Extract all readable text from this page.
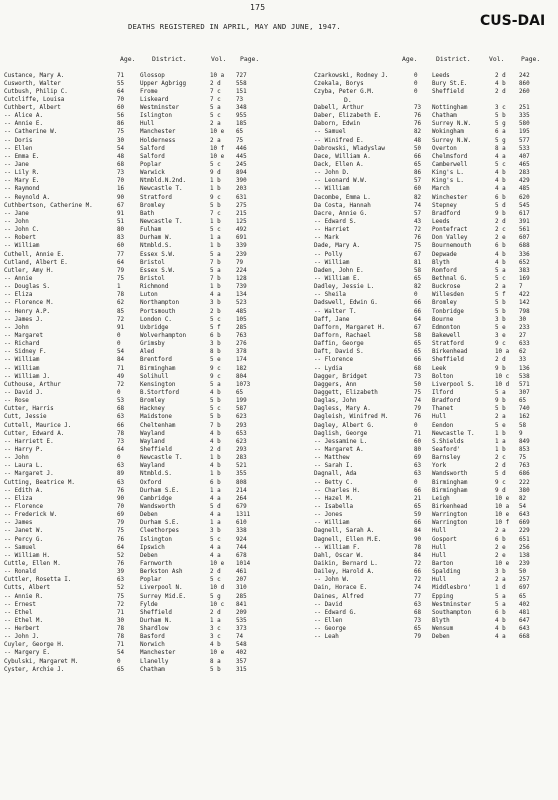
175
CUS-DAI
DEATHS REGISTERED IN APRIL, MAY AND JUNE, 1947.
Age.	District.	Vol. Page.	Age.	District.	Vol.	Page.
Custance, Mary A.	71	Glossop	10 a	727
Cusworth, Walter	55	Upper Agbrigg	2 d	558
Cutbush, Philip C.	64	Frome	7 c	151
Cutcliffe, Louisa	70	Liskeard	7 c	73
Cuthbert, Albert	60	Westminster	5 a	348
-- Alice A.	56	Islington	5 c	955
-- Annie E.	86	Hull	2 a	185
-- Catherine W.	75	Manchester	10 e	65
-- Doris	30	Holderness	2 a	75
-- Ellen	54	Salford	10 f	446
-- Emma E.	48	Salford	10 e	445
-- Jane	68	Poplar	5 c	245
-- Lily R.	73	Warwick	9 d	894
-- Mary E.	70	Ntmbld.N.2nd.	1 b	390
-- Raymond	16	Newcastle T.	1 b	203
-- Reynold A.	90	Stratford	9 c	631
Cuthbertson, Catherine M.	67	Bromley	5 b	275
-- Jane	91	Bath	7 c	215
-- John	51	Newcastle T.	1 b	125
-- John C.	80	Fulham	5 c	492
-- Robert	83	Durham W.	1 a	691
-- William	60	Ntmbld.S.	1 b	339
Cuthell, Annie E.	77	Essex S.W.	5 a	239
Cutland, Albert E.	64	Bristol	7 b	79
Cutler, Amy H.	79	Essex S.W.	5 a	224
-- Annie	75	Bristol	7 b	128
-- Douglas S.	1	Richmond	1 b	739
-- Eliza	78	Luton	4 a	134
-- Florence M.	62	Northampton	3 b	523
-- Henry A.P.	85	Portsmouth	2 b	485
-- James J.	72	London C.	5 c	105
-- John	91	Uxbridge	5 f	285
-- Margaret	0	Wolverhampton	6 b	763
-- Richard	0	Grimsby	3 b	276
-- Sidney F.	54	Aled	8 b	378
-- William	84	Brentford	5 e	174
-- William	71	Birmingham	9 c	182
-- William J.	49	Solihull	9 c	804
Cuthouse, Arthur	72	Kensington	5 a	1073
-- David J.	0	B.Stortford	4 b	65
-- Rose	53	Bromley	5 b	199
Cutter, Harris	68	Hackney	5 c	587
Cutt, Jessie	63	Maidstone	5 b	623
Cuttell, Maurice J.	66	Cheltenham	7 b	293
Cutter, Edward A.	78	Wayland	4 b	653
-- Harriett E.	73	Wayland	4 b	623
-- Harry P.	64	Sheffield	2 d	293
-- John	0	Newcastle T.	1 b	283
-- Laura L.	63	Wayland	4 b	521
-- Margaret J.	89	Ntmbld.S.	1 b	355
Cutting, Beatrice M.	63	Oxford	6 b	808
-- Edith A.	76	Durham S.E.	1 a	214
-- Eliza	90	Cambridge	4 a	264
-- Florence	70	Wandsworth	5 d	679
-- Frederick W.	69	Deben	4 a	1311
-- James	79	Durham S.E.	1 a	610
-- Janet W.	75	Cleethorpes	3 b	338
-- Percy G.	76	Islington	5 c	924
-- Samuel	64	Ipswich	4 a	744
-- William H.	52	Deben	4 a	678
Cuttle, Ellen M.	76	Farnworth	10 e	1014
-- Ronald	39	Berkston Ash	2 d	461
Cuttler, Rosetta I.	63	Poplar	5 c	207
Cutts, Albert	52	Liverpool N.	10 d	310
-- Annie R.	75	Surrey Mid.E.	5 g	285
-- Ernest	72	Fylde	10 c	841
-- Ethel	71	Sheffield	2 d	209
-- Ethel M.	30	Durham N.	1 a	535
-- Herbert	78	Shardlow	3 c	373
-- John J.	78	Basford	3 c	74
Cuyler, George H.	71	Norwich	4 b	548
-- Margery E.	54	Manchester	10 e	402
Cybulski, Margaret M.	0	Llanelly	8 a	357
Cyster, Archie J.	65	Chatham	5 b	315
Czarkowski, Rodney J.	0	Leeds	2 d	242
Czekala, Borys	0	Bury St.E.	4 b	860
Czyba, Peter G.M.	0	Sheffield	2 d	260
D.
Dabell, Arthur	73	Nottingham	3 c	251
Daber, Elizabeth E.	76	Chatham	5 b	335
Daborn, Edwin	76	Surrey N.W.	5 g	580
-- Samuel	82	Wokingham	6 a	195
-- Winifred E.	48	Surrey N.W.	5 g	577
Dabrowski, Wladyslaw	50	Overton	8 a	533
Dace, William A.	66	Chelmsford	4 a	407
Dack, Ellen A.	65	Camberwell	5 c	465
-- John D.	86	King's L.	4 b	283
-- Leonard W.W.	57	King's L.	4 b	429
-- William	60	March	4 a	485
Dacombe, Emma L.	82	Winchester	6 b	620
Da Costa, Hannah	74	Stepney	5 d	545
Dacre, Annie G.	57	Bradford	9 b	617
-- Edward S.	43	Leeds	2 d	391
-- Harriet	72	Pontefract	2 c	561
-- Mark	76	Don Valley	2 e	607
Dade, Mary A.	75	Bournemouth	6 b	688
-- Polly	67	Depwade	4 b	336
-- William	81	Blyth	4 b	652
Daden, John E.	58	Romford	5 a	383
-- William E.	65	Bethnal G.	5 c	169
Dadley, Jessie L.	82	Buckrose	2 a	7
-- Sheila	0	Willesden	5 f	422
Dadswell, Edwin G.	66	Bromley	5 b	142
-- Walter T.	66	Tonbridge	5 b	798
Daff, Jane	64	Bourne	3 b	30
Dafforn, Margaret H.	67	Edmonton	5 e	233
Dafforn, Rachael	58	Bakewell	3 e	27
Daffin, George	65	Stratford	9 c	633
Daft, David S.	65	Birkenhead	10 a	62
-- Florence	66	Sheffield	2 d	33
-- Lydia	68	Leek	9 b	136
Dagger, Bridget	73	Bolton	10 c	538
Daggers, Ann	50	Liverpool S.	10 d	571
Daggett, Elizabeth	75	Ilford	5 a	307
Daglas, John	74	Bradford	9 b	65
Dagless, Mary A.	79	Thanet	5 b	740
Dagleish, Winifred M.	76	Hull	2 a	162
Dagley, Albert G.	0	Eendon	5 e	58
Daglish, George	71	Newcastle T.	1 b	9
-- Jessamine L.	60	S.Shields	1 a	849
-- Margaret A.	80	Seaford'	1 b	853
-- Matthew	69	Barnsley	2 c	75
-- Sarah I.	63	York	2 d	763
Dagnall, Ada	63	Wandsworth	5 d	686
-- Betty C.	0	Birmingham	9 c	222
-- Charles H.	66	Birmingham	9 d	380
-- Hazel M.	21	Leigh	10 e	82
-- Isabella	65	Birkenhead	10 a	54
-- Jones	59	Warrington	10 e	643
-- William	66	Warrington	10 f	669
Dagnell, Sarah A.	84	Hull	2 a	229
Dagnell, Ellen M.E.	90	Gosport	6 b	651
-- William F.	78	Hull	2 e	256
Dahl, Oscar W.	84	Hull	2 e	138
Daikin, Bernard L.	72	Barton	10 e	239
Dailey, Harold A.	66	Spalding	3 b	50
-- John W.	72	Hull	2 a	257
Dain, Horace E.	74	Middlesbro'	1 d	697
Daines, Alfred	77	Epping	5 a	65
-- David	63	Westminster	5 a	402
-- Edward G.	68	Southampton	6 b	481
-- Ellen	73	Blyth	4 b	647
-- George	65	Wensum	4 b	643
-- Leah	79	Deben	4 a	668
